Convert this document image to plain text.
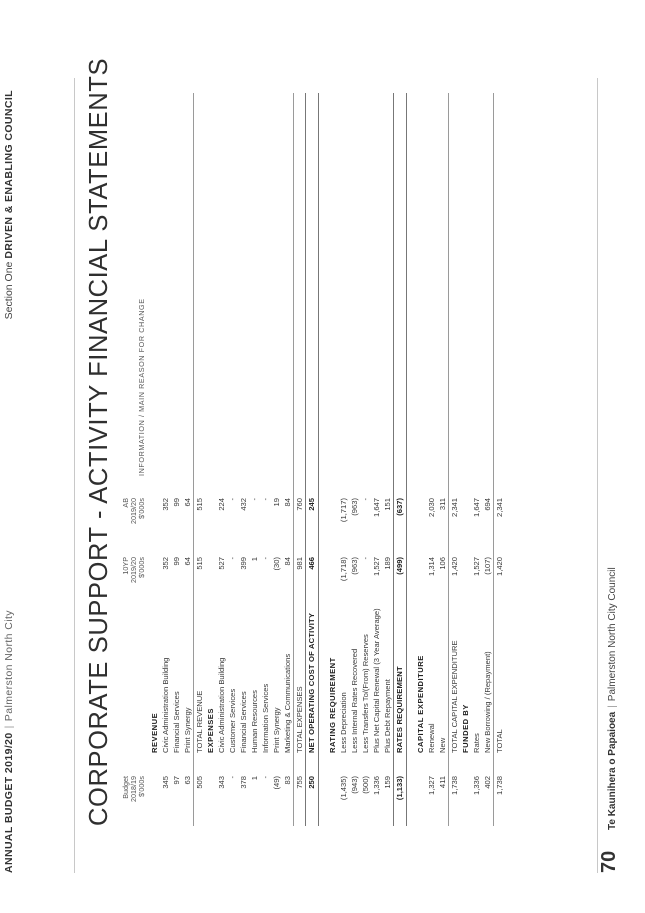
ANNUAL BUDGET 2019/20|Palmerston North City
Section One DRIVEN & ENABLING COUNCIL	CORPORATE SUPPORT - ACTIVITY FINANCIAL STATEMENTS Budget 2018/19 $'000s
10YP 2019/20 $'000s
AB 2019/20 $'000s
INFORMATION / MAIN REASON FOR CHANGE
REVENUE
345
Civic Administration Building
352
352
97
Financial Services
99
99
63
Print Synergy
64
64
505
TOTAL REVENUE
515
515
EXPENSES
343
Civic Administration Building
527
224
-
Customer Services
-
-
378
Financial Services
399
432
1
Human Resources
1
-
-
Information Services
-
-
(49)
Print Synergy
(30)
19
83
Marketing & Communications
84
84
755
TOTAL EXPENSES
981
760
250
NET OPERATING COST OF ACTIVITY
466
245
RATING REQUIREMENT
(1,435)
Less Depreciation
(1,718)
(1,717)
(943)
Less Internal Rates Recovered
(963)
(963)
(500)
Less Transfers To/(From) Reserves
-
-
1,336
Plus Net Capital Renewal (3 Year Average)
1,527
1,647
159
Plus Debt Repayment
189
151
(1,133)
RATES REQUIREMENT
(499)
(637)
CAPITAL EXPENDITURE
1,327
Renewal
1,314
2,030
411
New
106
311
1,738
TOTAL CAPITAL EXPENDITURE
1,420
2,341
FUNDED BY
1,336
Rates
1,527
1,647
402
New Borrowing / (Repayment)
(107)
694
1,738
TOTAL
1,420
2,341
70
Te Kaunihera o Papaioea|Palmerston North City Council
